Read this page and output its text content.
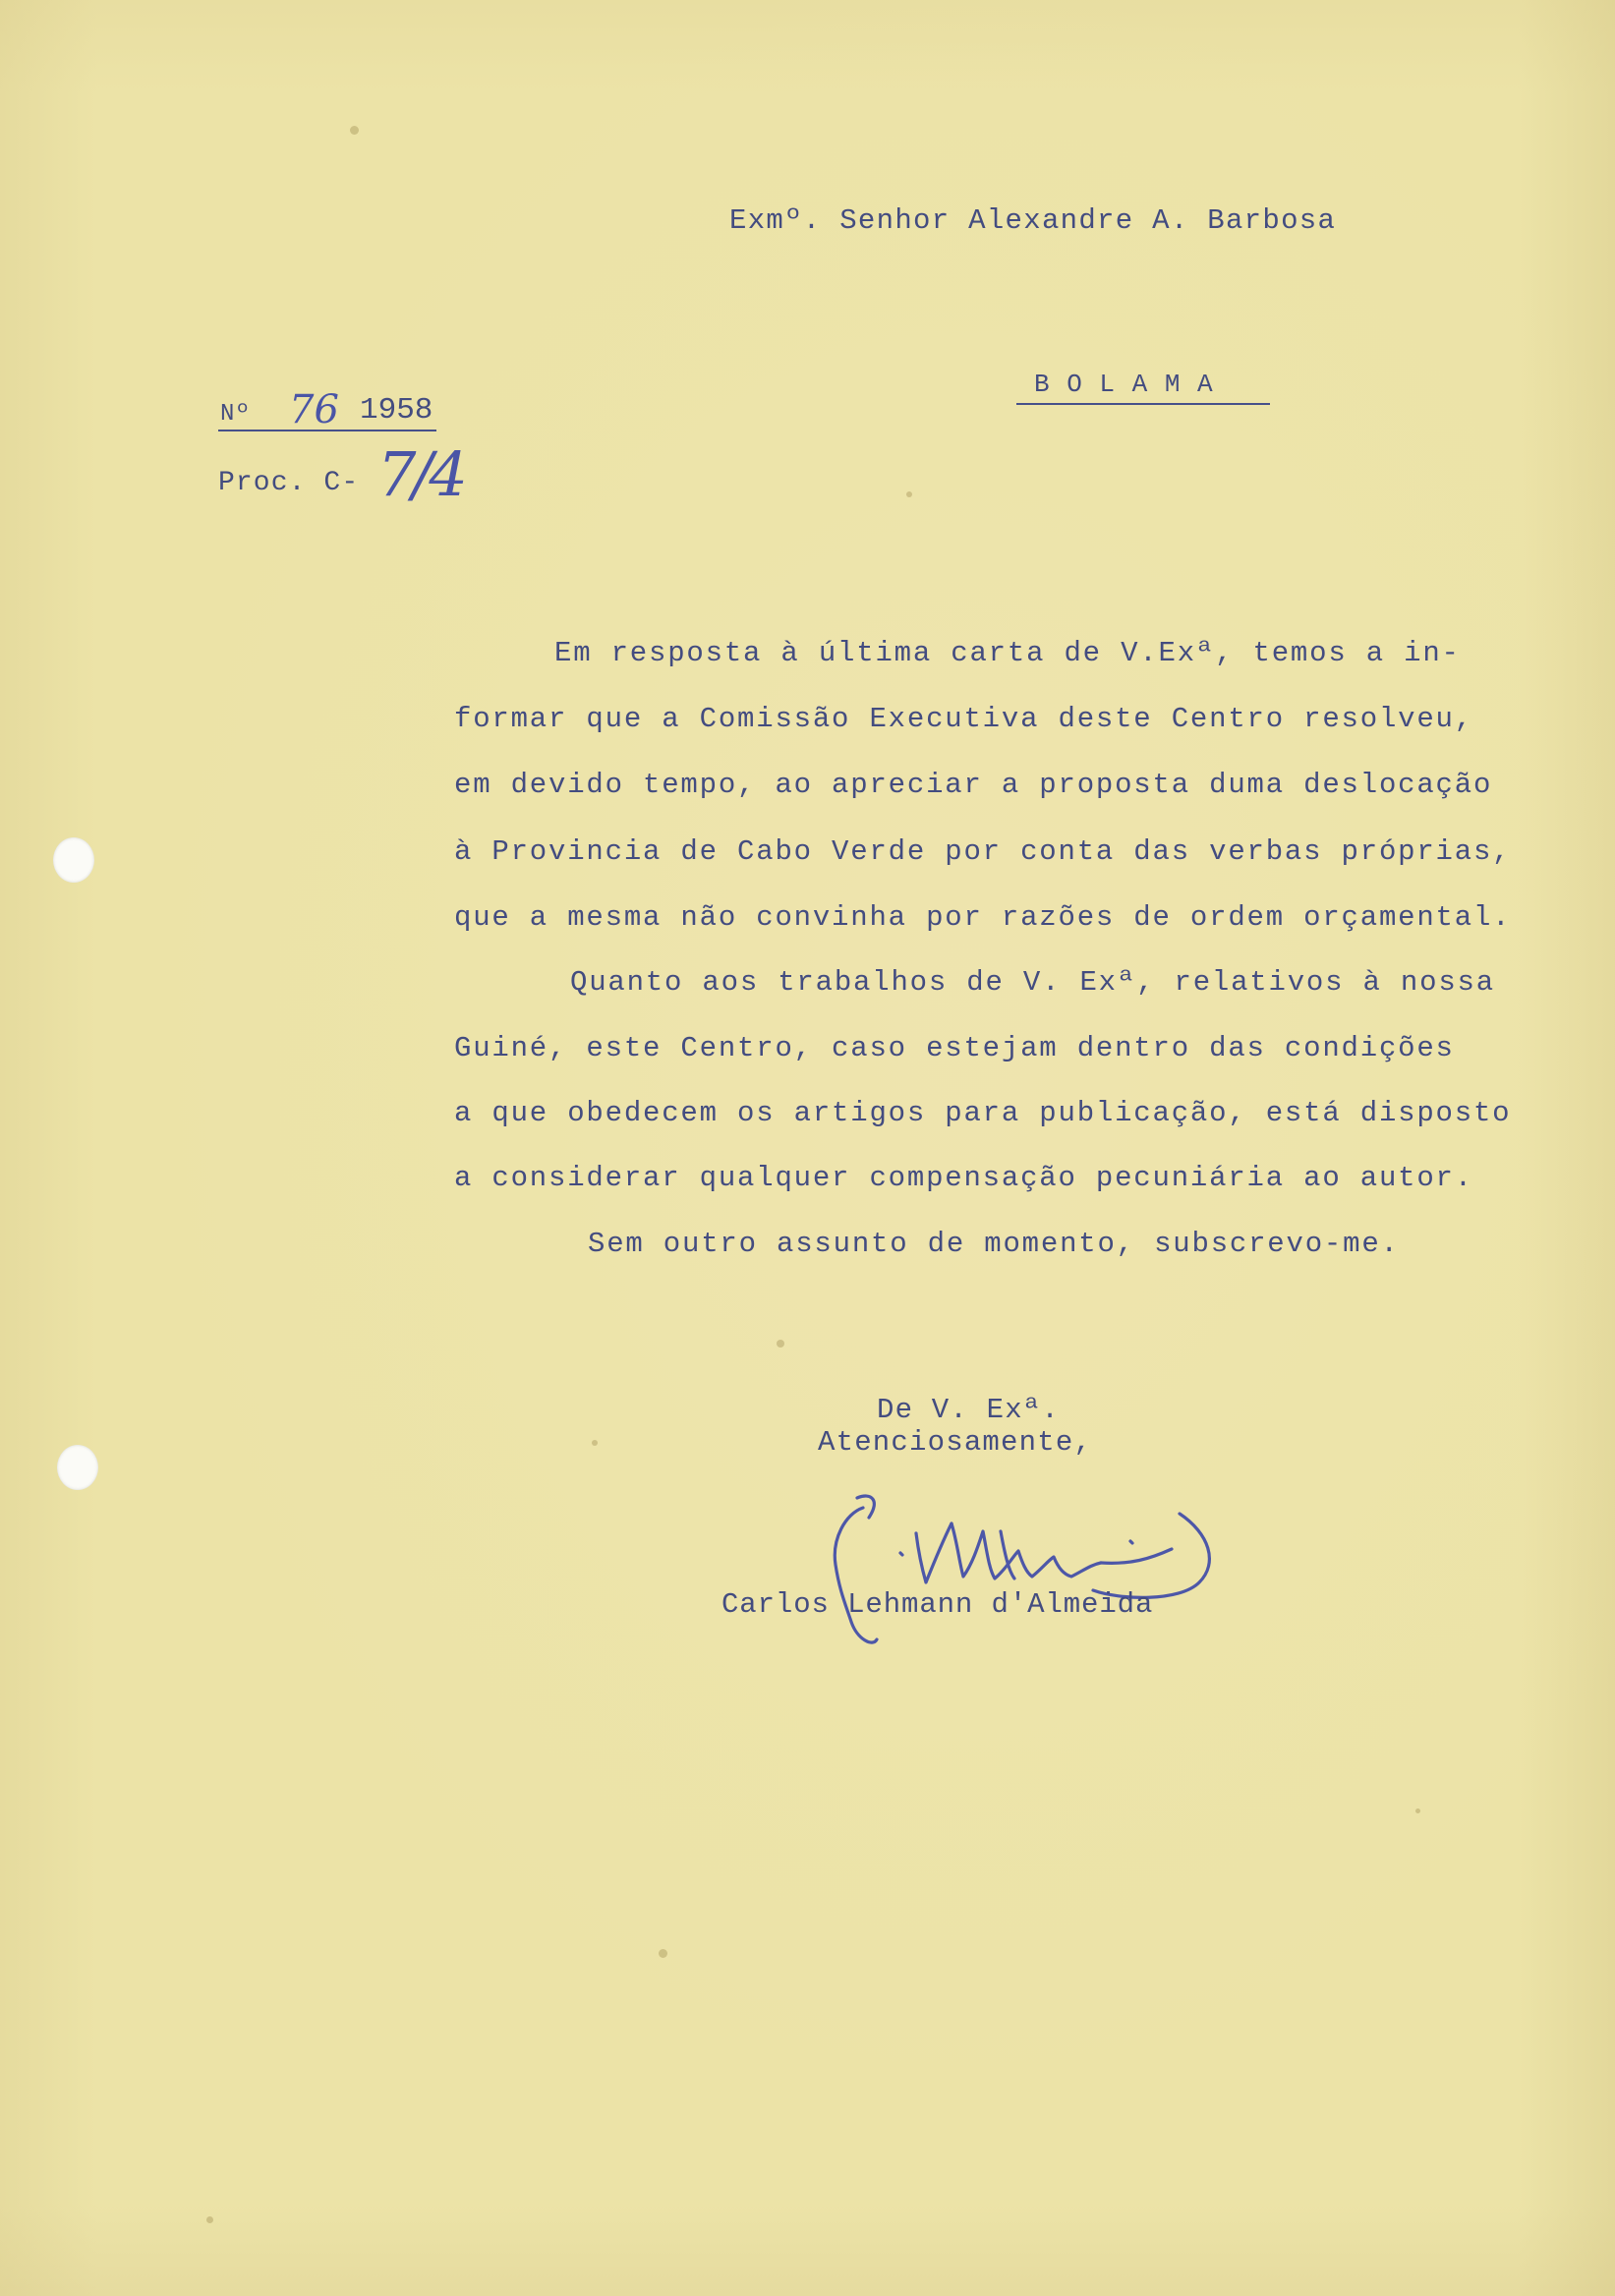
Exmº. Senhor Alexandre A. Barbosa
B O L A M A
Nº 76 1958
Proc. C- 7/4
Em resposta à última carta de V.Exª, temos a in-
formar que a Comissão Executiva deste Centro resolveu,
em devido tempo, ao apreciar a proposta duma deslocação
à Provincia de Cabo Verde por conta das verbas próprias,
que a mesma não convinha por razões de ordem orçamental.
Quanto aos trabalhos de V. Exª, relativos à nossa
Guiné, este Centro, caso estejam dentro das condições
a que obedecem os artigos para publicação, está disposto
a considerar qualquer compensação pecuniária ao autor.
Sem outro assunto de momento, subscrevo-me.
De V. Exª.
Atenciosamente,
Carlos Lehmann d'Almeida
